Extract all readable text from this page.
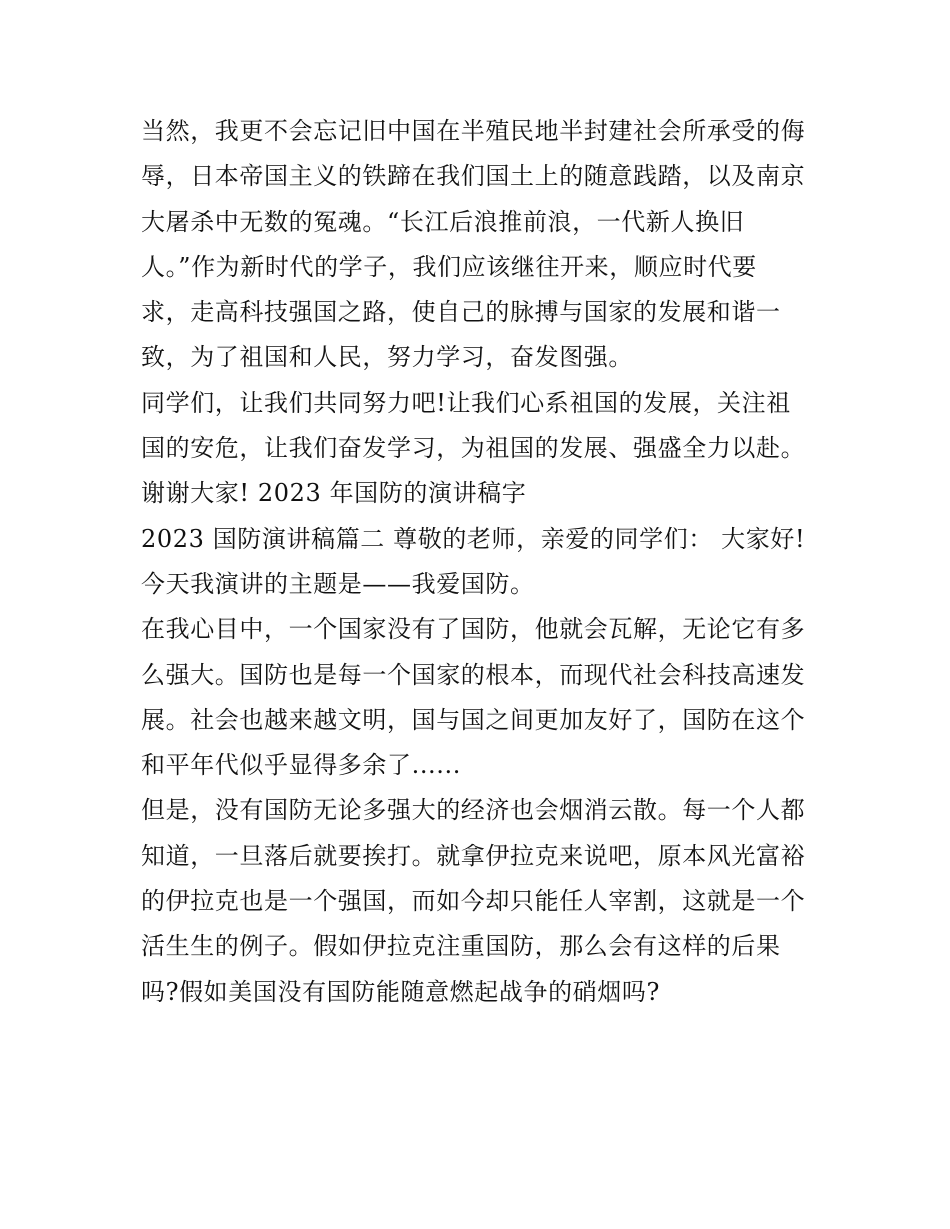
当然，我更不会忘记旧中国在半殖民地半封建社会所承受的侮
辱，日本帝国主义的铁蹄在我们国土上的随意践踏，以及南京
大屠杀中无数的冤魂。“长江后浪推前浪，一代新人换旧
人。”作为新时代的学子，我们应该继往开来，顺应时代要
求，走高科技强国之路，使自己的脉搏与国家的发展和谐一
致，为了祖国和人民，努力学习，奋发图强。
同学们，让我们共同努力吧!让我们心系祖国的发展，关注祖
国的安危，让我们奋发学习，为祖国的发展、强盛全力以赴。
谢谢大家! 2023 年国防的演讲稿字
2023 国防演讲稿篇二 尊敬的老师，亲爱的同学们： 大家好!
今天我演讲的主题是——我爱国防。
在我心目中，一个国家没有了国防，他就会瓦解，无论它有多
么强大。国防也是每一个国家的根本，而现代社会科技高速发
展。社会也越来越文明，国与国之间更加友好了，国防在这个
和平年代似乎显得多余了......
但是，没有国防无论多强大的经济也会烟消云散。每一个人都
知道，一旦落后就要挨打。就拿伊拉克来说吧，原本风光富裕
的伊拉克也是一个强国，而如今却只能任人宰割，这就是一个
活生生的例子。假如伊拉克注重国防，那么会有这样的后果
吗?假如美国没有国防能随意燃起战争的硝烟吗?
